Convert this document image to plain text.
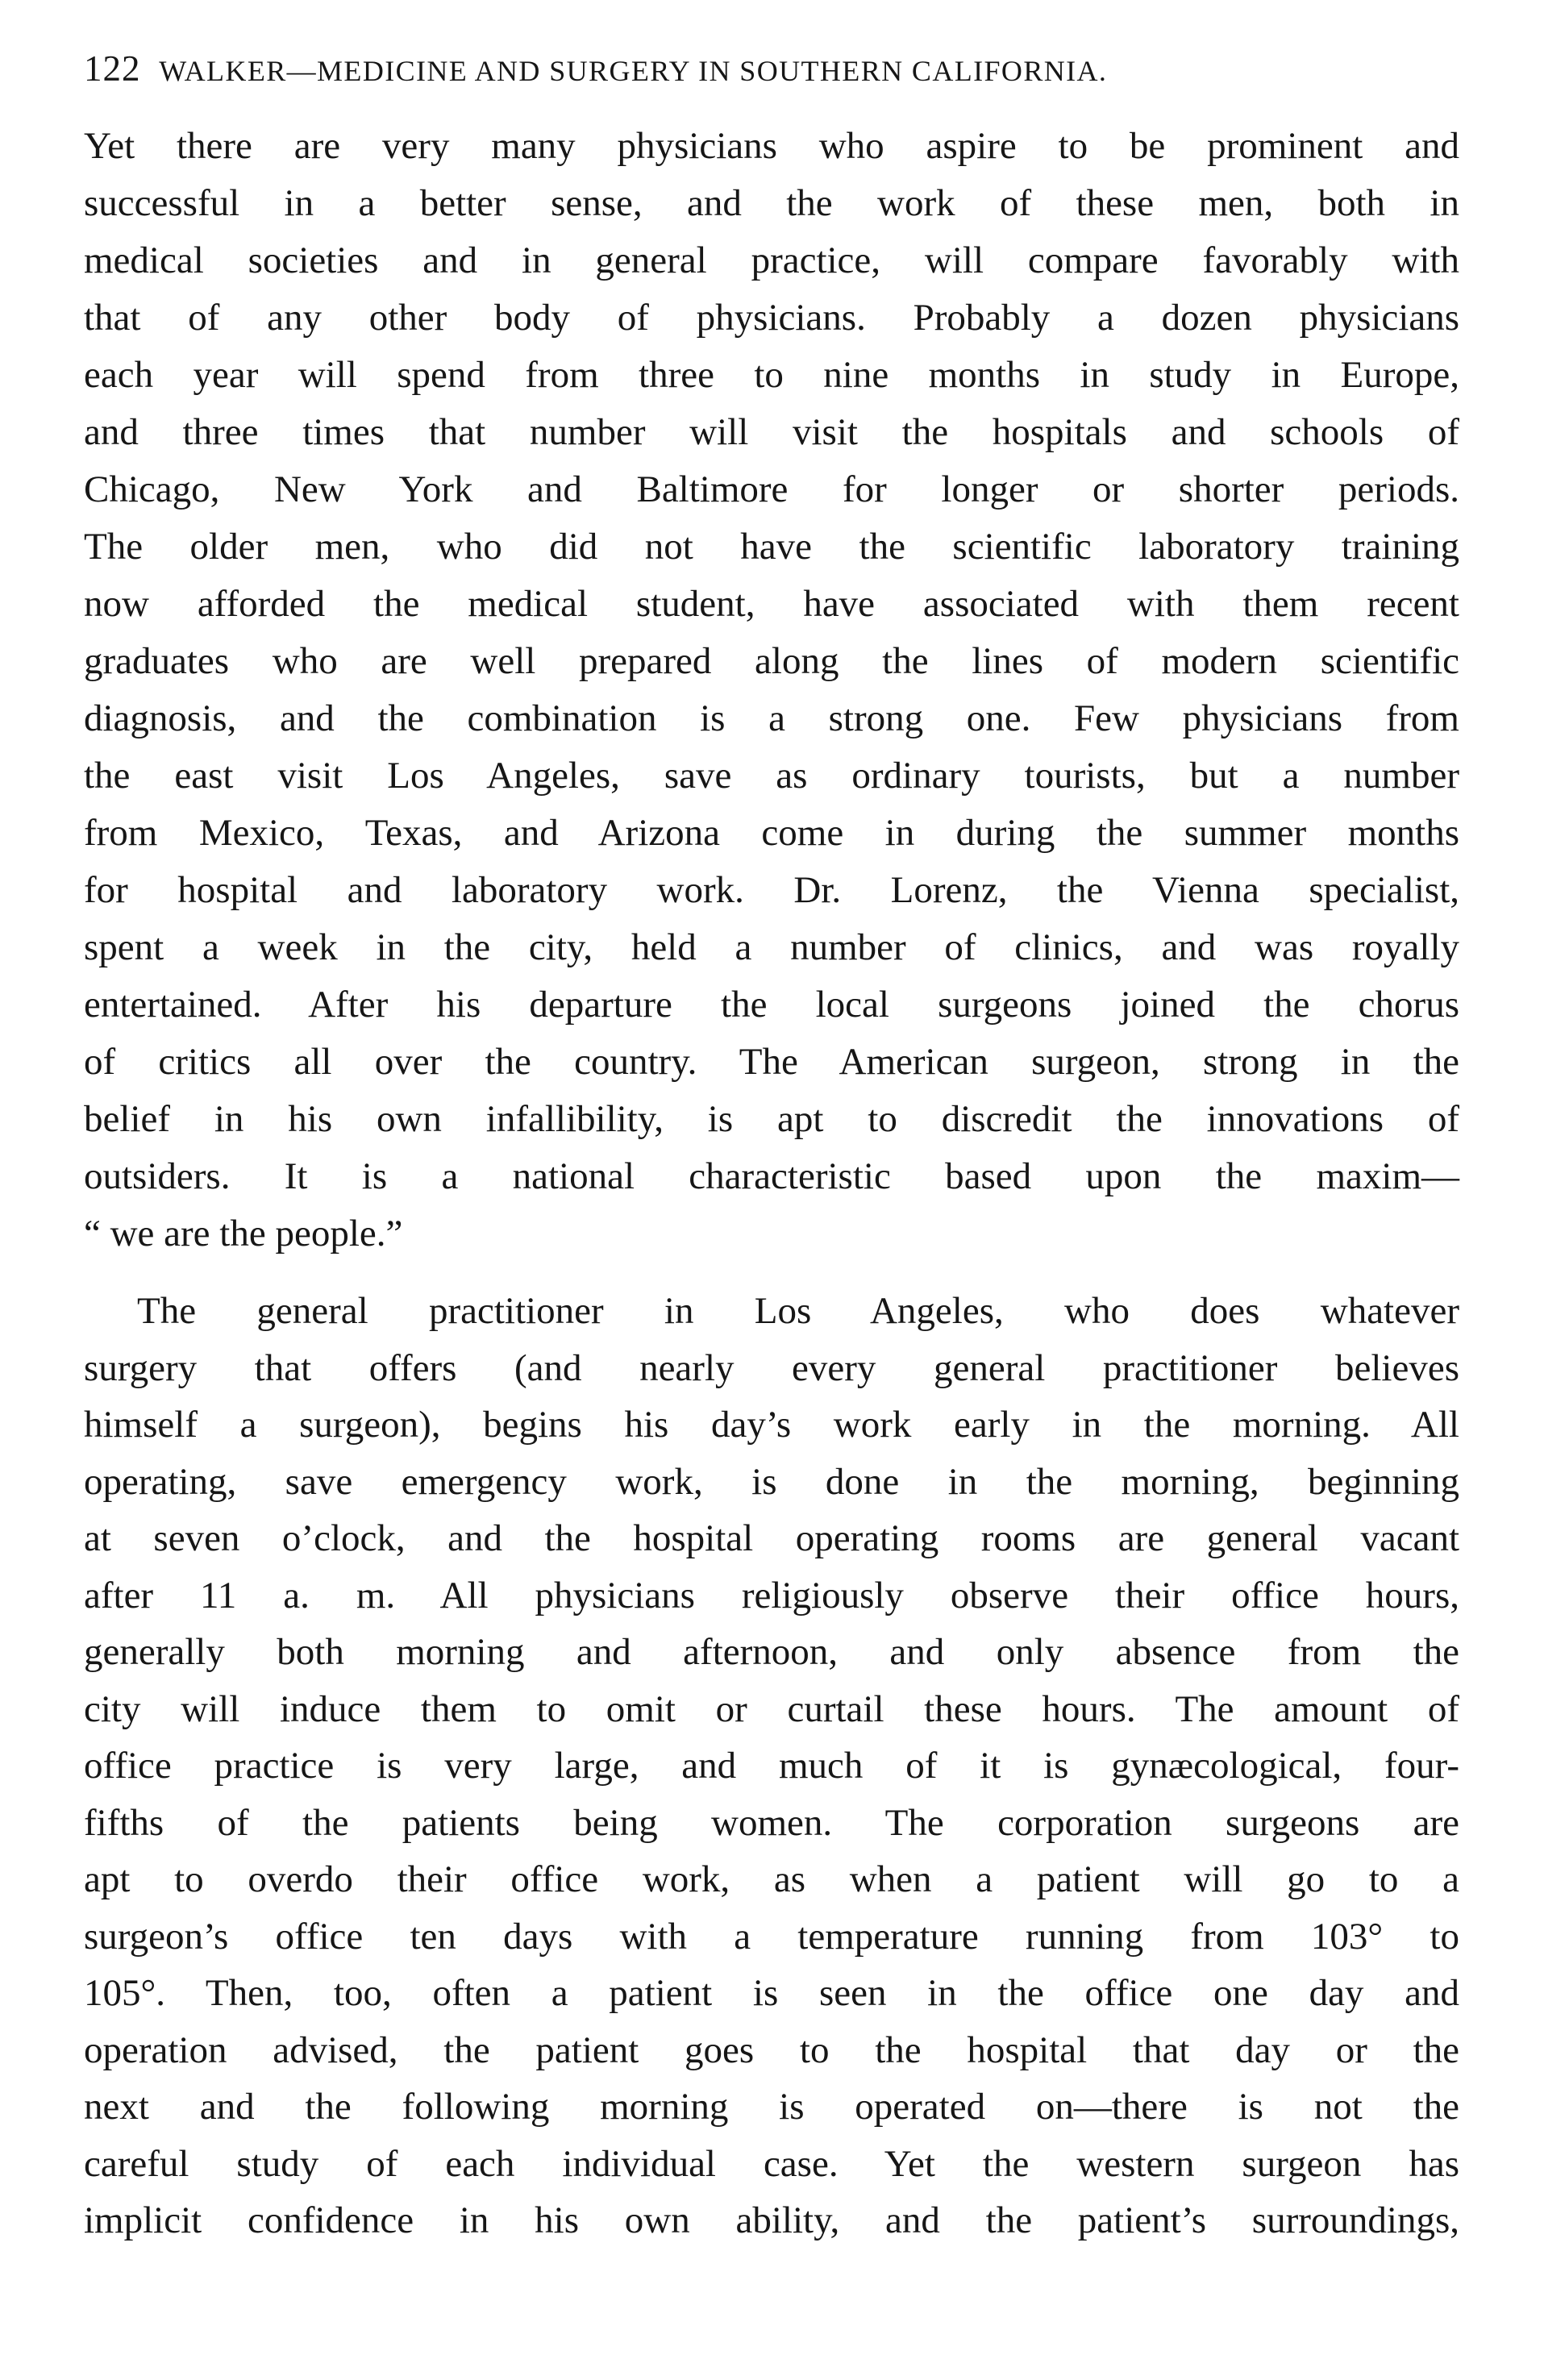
122 WALKER—MEDICINE AND SURGERY IN SOUTHERN CALIFORNIA.
Yet there are very many physicians who aspire to be prominent and
successful in a better sense, and the work of these men, both in
medical societies and in general practice, will compare favorably with
that of any other body of physicians. Probably a dozen physicians
each year will spend from three to nine months in study in Europe,
and three times that number will visit the hospitals and schools of
Chicago, New York and Baltimore for longer or shorter periods.
The older men, who did not have the scientific laboratory training
now afforded the medical student, have associated with them recent
graduates who are well prepared along the lines of modern scientific
diagnosis, and the combination is a strong one. Few physicians from
the east visit Los Angeles, save as ordinary tourists, but a number
from Mexico, Texas, and Arizona come in during the summer months
for hospital and laboratory work. Dr. Lorenz, the Vienna specialist,
spent a week in the city, held a number of clinics, and was royally
entertained. After his departure the local surgeons joined the chorus
of critics all over the country. The American surgeon, strong in the
belief in his own infallibility, is apt to discredit the innovations of
outsiders. It is a national characteristic based upon the maxim—
“ we are the people.”
The general practitioner in Los Angeles, who does whatever
surgery that offers (and nearly every general practitioner believes
himself a surgeon), begins his day’s work early in the morning. All
operating, save emergency work, is done in the morning, beginning
at seven o’clock, and the hospital operating rooms are general vacant
after 11 a. m. All physicians religiously observe their office hours,
generally both morning and afternoon, and only absence from the
city will induce them to omit or curtail these hours. The amount of
office practice is very large, and much of it is gynæcological, four-
fifths of the patients being women. The corporation surgeons are
apt to overdo their office work, as when a patient will go to a
surgeon’s office ten days with a temperature running from 103° to
105°. Then, too, often a patient is seen in the office one day and
operation advised, the patient goes to the hospital that day or the
next and the following morning is operated on—there is not the
careful study of each individual case. Yet the western surgeon has
implicit confidence in his own ability, and the patient’s surroundings,
